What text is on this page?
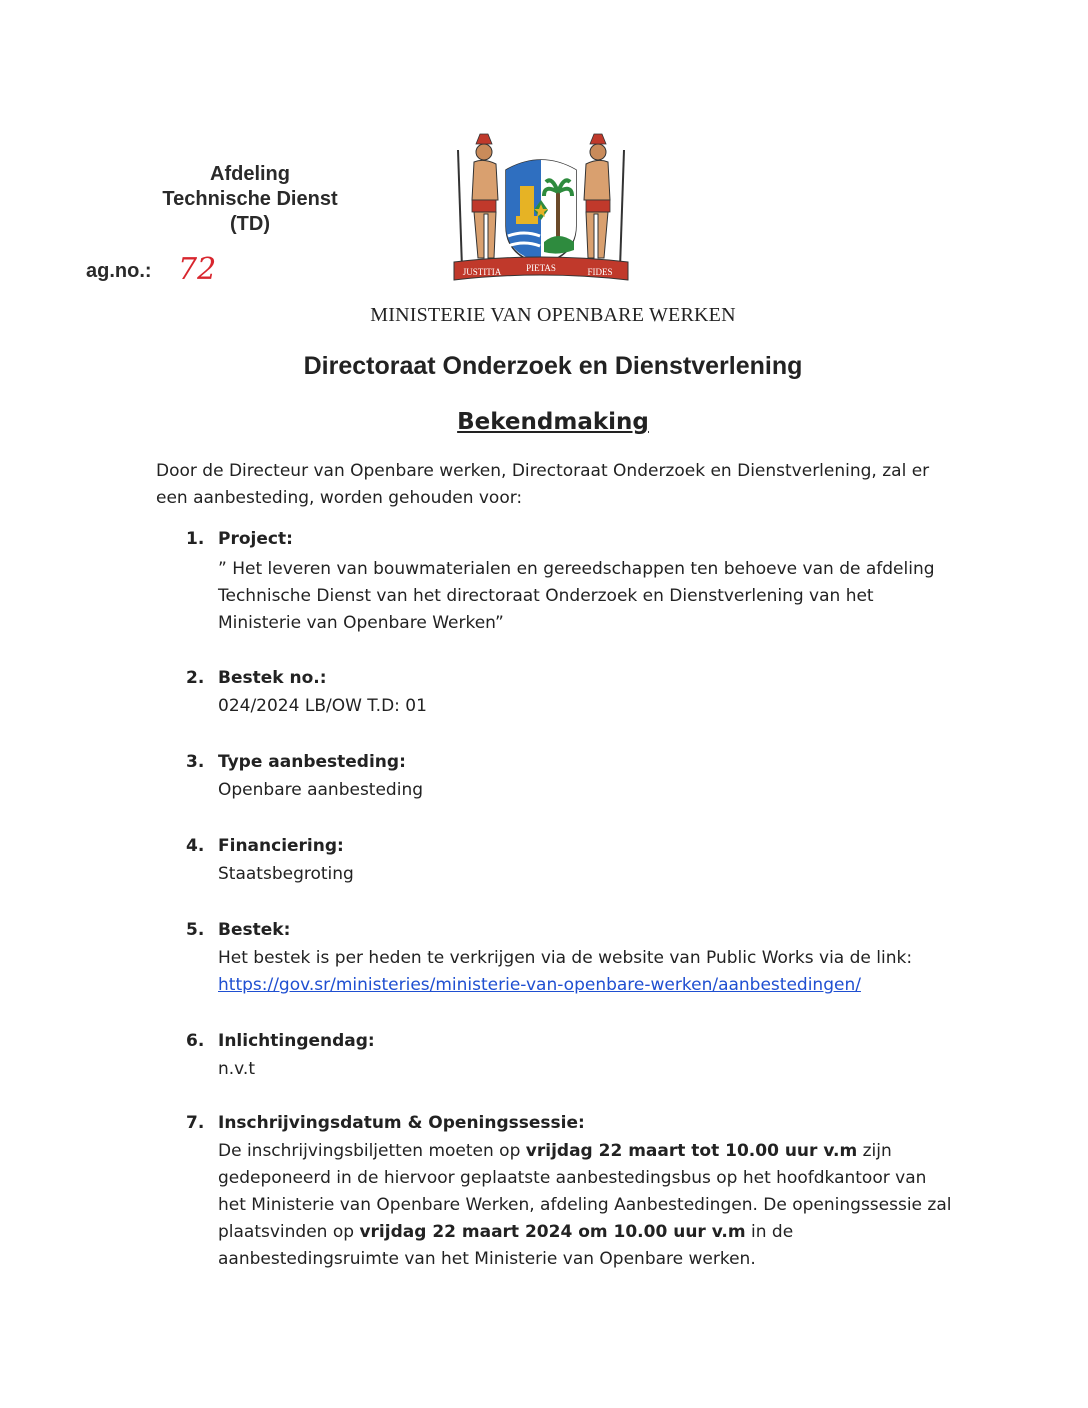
Afdeling
Technische Dienst
(TD)
ag.no.: 72	JUSTITIA	PIETAS	FIDES
MINISTERIE VAN OPENBARE WERKEN
Directoraat Onderzoek en Dienstverlening
Bekendmaking
Door de Directeur van Openbare werken, Directoraat Onderzoek en Dienstverlening, zal er een aanbesteding, worden gehouden voor:
1. Project:
” Het leveren van bouwmaterialen en gereedschappen ten behoeve van de afdeling Technische Dienst van het directoraat Onderzoek en Dienstverlening van het Ministerie van Openbare Werken”
2. Bestek no.:
024/2024 LB/OW T.D: 01
3. Type aanbesteding:
Openbare aanbesteding
4. Financiering:
Staatsbegroting
5. Bestek:
Het bestek is per heden te verkrijgen via de website van Public Works via de link:
https://gov.sr/ministeries/ministerie-van-openbare-werken/aanbestedingen/
6. Inlichtingendag:
n.v.t
7. Inschrijvingsdatum & Openingssessie:
De inschrijvingsbiljetten moeten op vrijdag 22 maart tot 10.00 uur v.m zijn gedeponeerd in de hiervoor geplaatste aanbestedingsbus op het hoofdkantoor van het Ministerie van Openbare Werken, afdeling Aanbestedingen. De openingssessie zal plaatsvinden op vrijdag 22 maart 2024 om 10.00 uur v.m in de aanbestedingsruimte van het Ministerie van Openbare werken.
